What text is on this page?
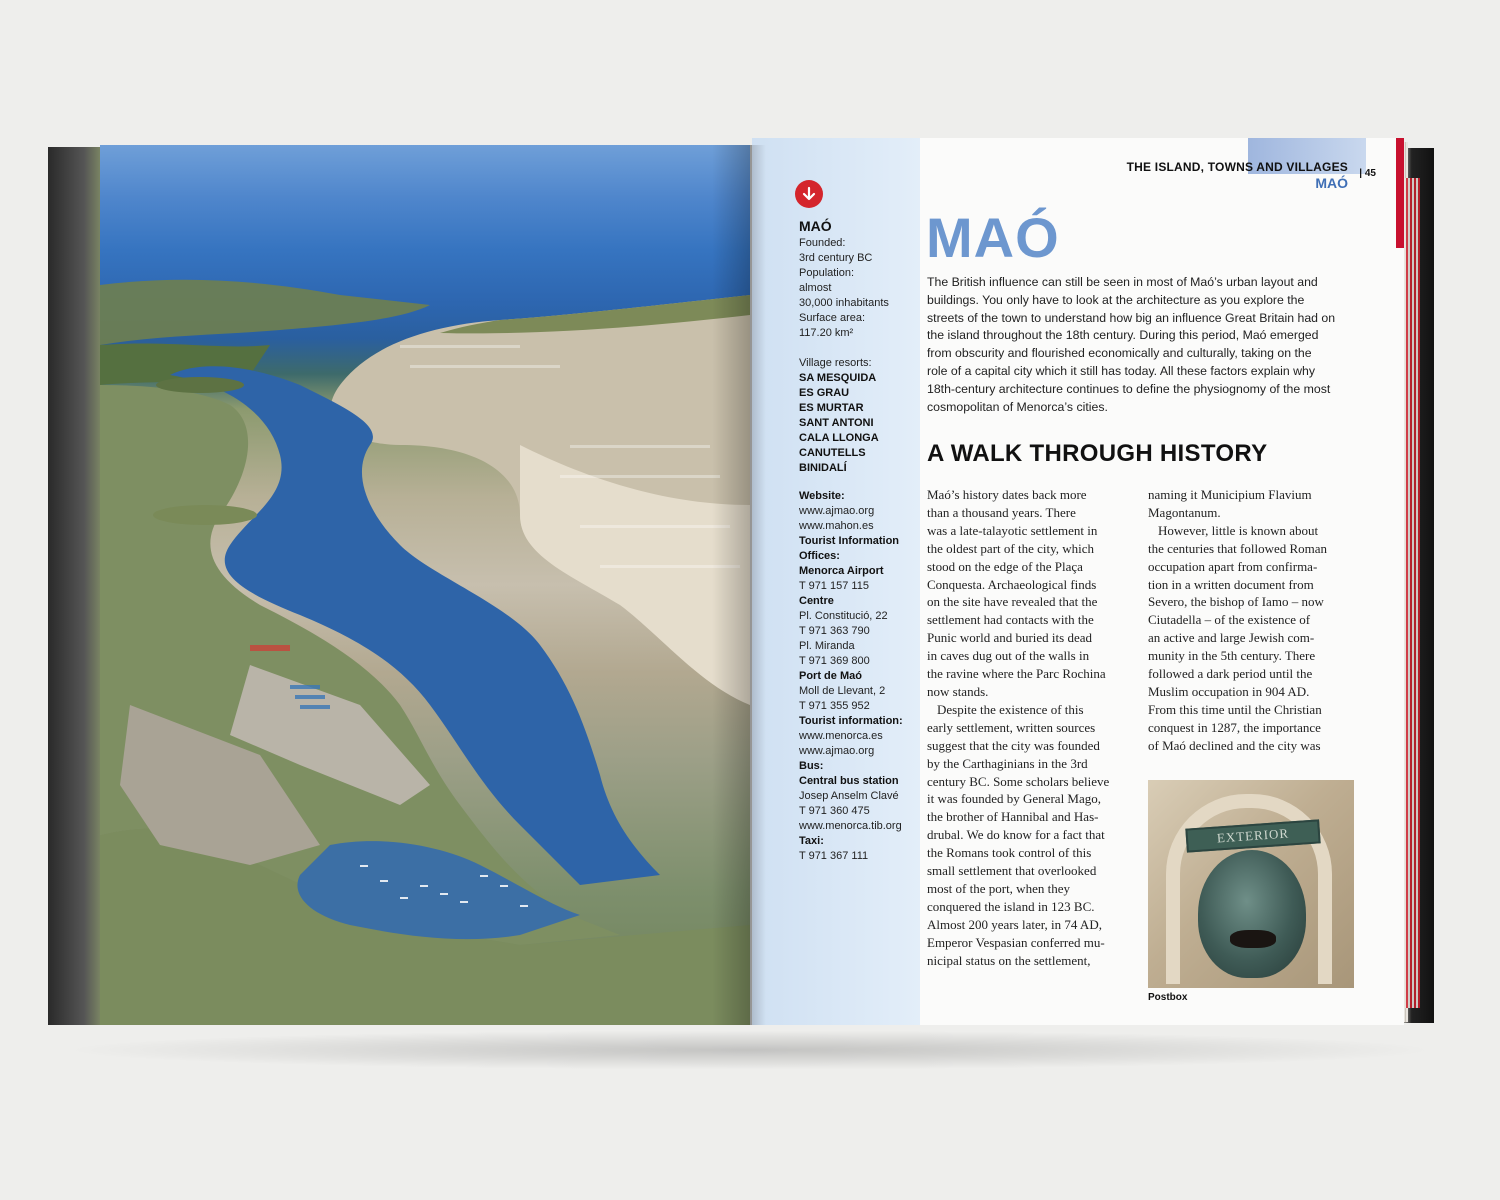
THE ISLAND, TOWNS AND VILLAGES
MAÓ
| 45
MAÓ
Founded:
3rd century BC
Population:
almost
30,000 inhabitants
Surface area:
117.20 km²
Village resorts:
SA MESQUIDA
ES GRAU
ES MURTAR
SANT ANTONI
CALA LLONGA
CANUTELLS
BINIDALÍ
Website:
www.ajmao.org
www.mahon.es
Tourist Information
Offices:
Menorca Airport
T 971 157 115
Centre
Pl. Constitució, 22
T 971 363 790
Pl. Miranda
T 971 369 800
Port de Maó
Moll de Llevant, 2
T 971 355 952
Tourist information:
www.menorca.es
www.ajmao.org
Bus:
Central bus station
Josep Anselm Clavé
T 971 360 475
www.menorca.tib.org
Taxi:
T 971 367 111
MAÓ
The British influence can still be seen in most of Maó’s urban layout and
buildings. You only have to look at the architecture as you explore the
streets of the town to understand how big an influence Great Britain had on
the island throughout the 18th century. During this period, Maó emerged
from obscurity and flourished economically and culturally, taking on the
role of a capital city which it still has today. All these factors explain why
18th-century architecture continues to define the physiognomy of the most
cosmopolitan of Menorca’s cities.
A WALK THROUGH HISTORY
Maó’s history dates back more
than a thousand years. There
was a late-talayotic settlement in
the oldest part of the city, which
stood on the edge of the Plaça
Conquesta. Archaeological finds
on the site have revealed that the
settlement had contacts with the
Punic world and buried its dead
in caves dug out of the walls in
the ravine where the Parc Rochina
now stands.
Despite the existence of this
early settlement, written sources
suggest that the city was founded
by the Carthaginians in the 3rd
century BC. Some scholars believe
it was founded by General Mago,
the brother of Hannibal and Has-
drubal. We do know for a fact that
the Romans took control of this
small settlement that overlooked
most of the port, when they
conquered the island in 123 BC.
Almost 200 years later, in 74 AD,
Emperor Vespasian conferred mu-
nicipal status on the settlement,
naming it Municipium Flavium
Magontanum.
However, little is known about
the centuries that followed Roman
occupation apart from confirma-
tion in a written document from
Severo, the bishop of Iamo – now
Ciutadella – of the existence of
an active and large Jewish com-
munity in the 5th century. There
followed a dark period until the
Muslim occupation in 904 AD.
From this time until the Christian
conquest in 1287, the importance
of Maó declined and the city was
EXTERIOR
Postbox
